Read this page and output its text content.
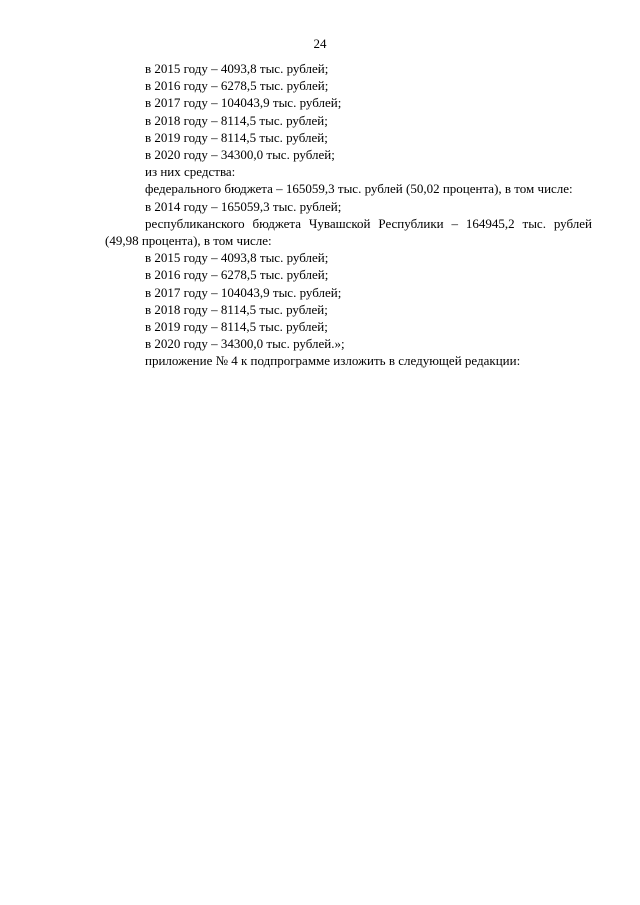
24

в 2015 году – 4093,8 тыс. рублей;

в 2016 году – 6278,5 тыс. рублей;

в 2017 году – 104043,9 тыс. рублей;

в 2018 году – 8114,5 тыс. рублей;

в 2019 году – 8114,5 тыс. рублей;

в 2020 году – 34300,0 тыс. рублей;

из них средства:

федерального бюджета – 165059,3 тыс. рублей (50,02 процента), в том числе:

в 2014 году – 165059,3 тыс. рублей;

республиканского бюджета Чувашской Республики – 164945,2 тыс. рублей (49,98 процента), в том числе:

в 2015 году – 4093,8 тыс. рублей;

в 2016 году – 6278,5 тыс. рублей;

в 2017 году – 104043,9 тыс. рублей;

в 2018 году – 8114,5 тыс. рублей;

в 2019 году – 8114,5 тыс. рублей;

в 2020 году – 34300,0 тыс. рублей.»;

приложение № 4 к подпрограмме изложить в следующей редакции:
